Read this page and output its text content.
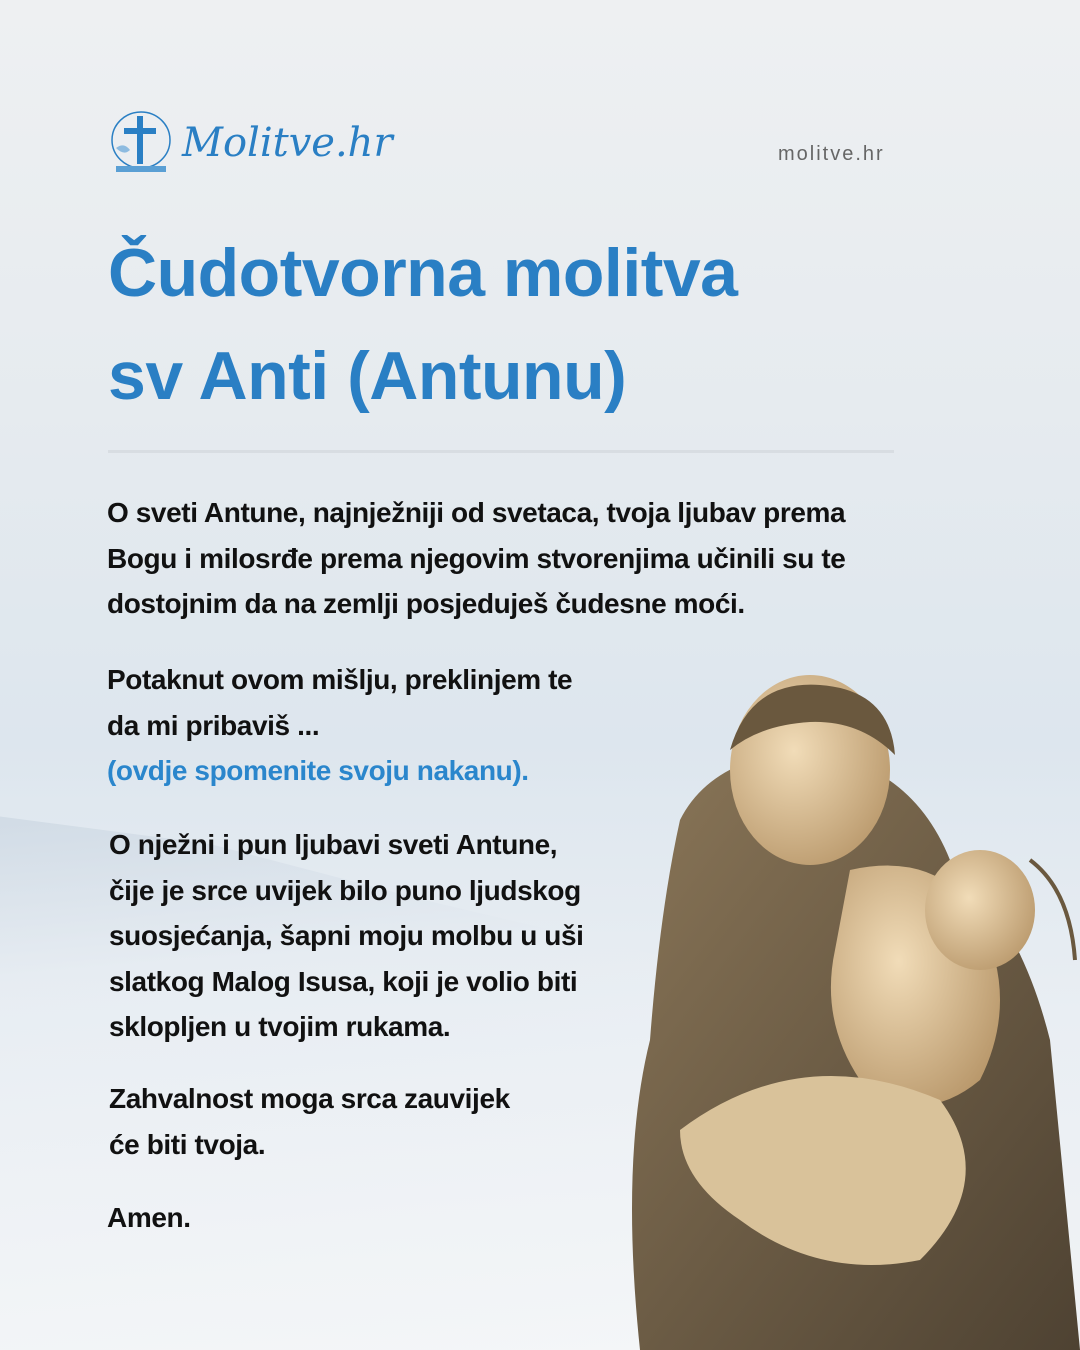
Molitve.hr	molitve.hr
Čudotvorna molitva
sv Anti (Antunu)

O sveti Antune, najnježniji od svetaca, tvoja ljubav prema
Bogu i milosrđe prema njegovim stvorenjima učinili su te
dostojnim da na zemlji posjeduješ čudesne moći.

Potaknut ovom mišlju, preklinjem te
da mi pribaviš ...
(ovdje spomenite svoju nakanu).

O nježni i pun ljubavi sveti Antune,
čije je srce uvijek bilo puno ljudskog
suosjećanja, šapni moju molbu u uši
slatkog Malog Isusa, koji je volio biti
sklopljen u tvojim rukama.

Zahvalnost moga srca zauvijek
će biti tvoja.

Amen.
